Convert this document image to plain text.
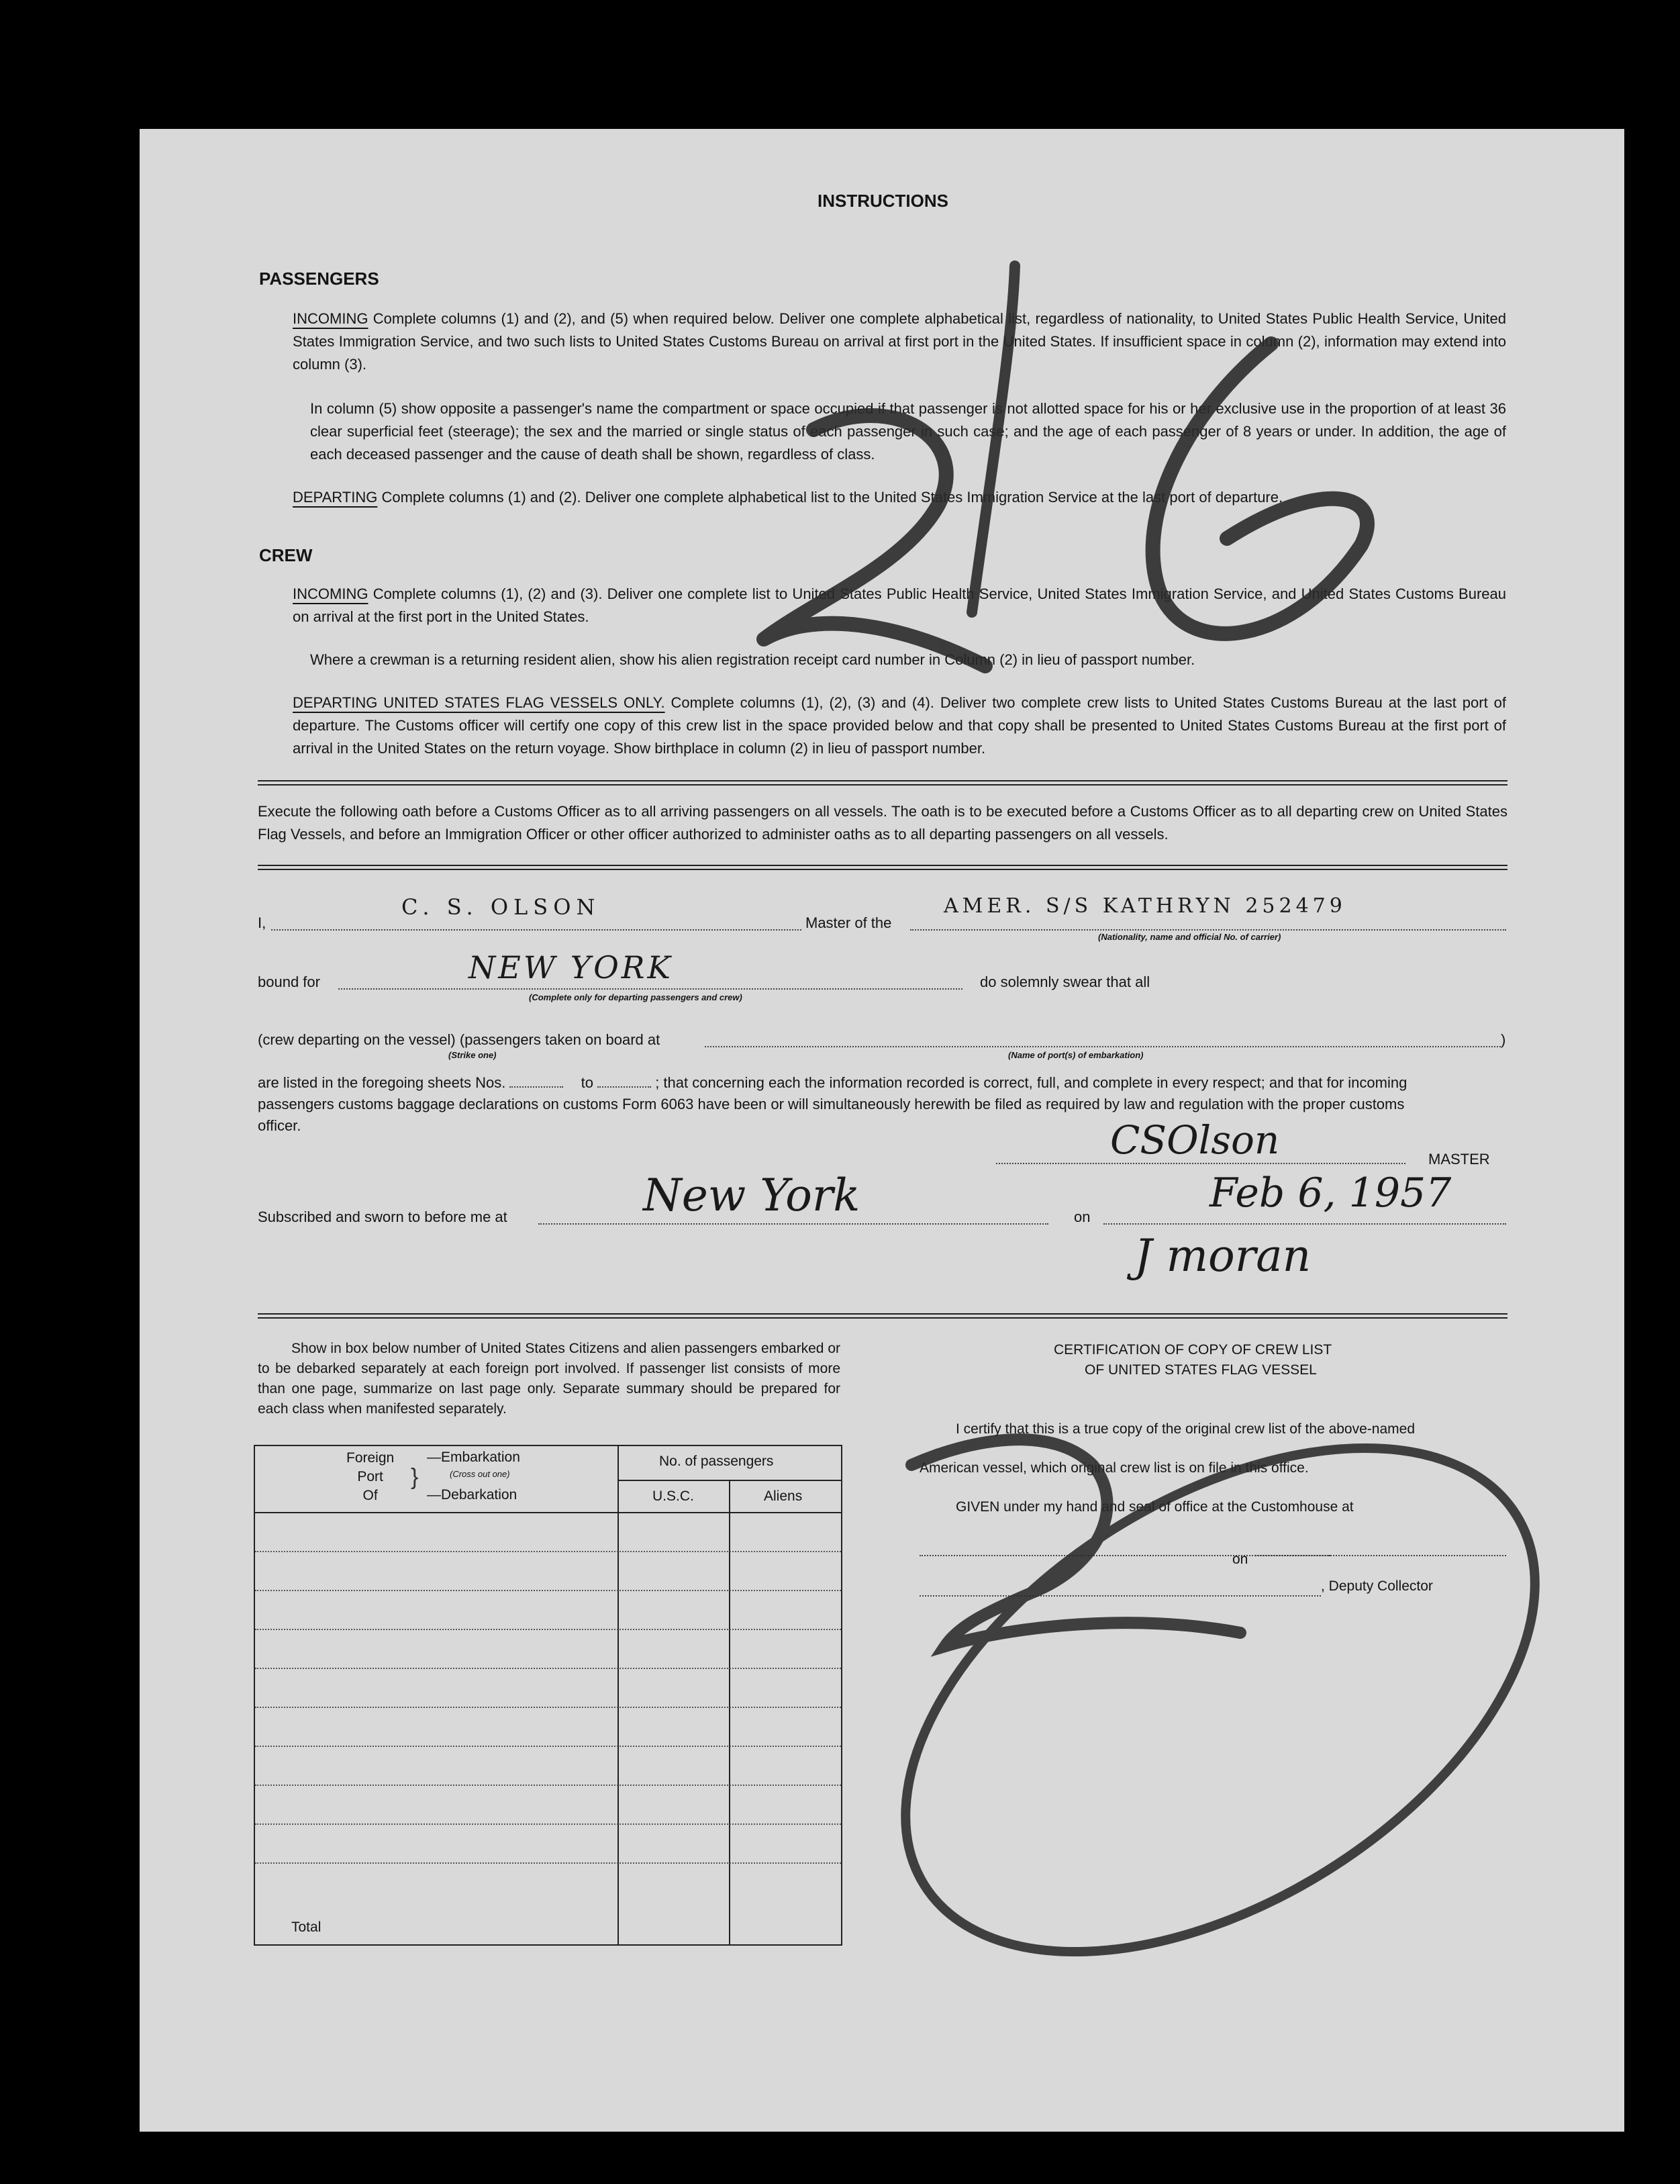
INSTRUCTIONS
PASSENGERS
INCOMING Complete columns (1) and (2), and (5) when required below. Deliver one complete alphabetical list, regardless of nationality, to United States Public Health Service, United States Immigration Service, and two such lists to United States Customs Bureau on arrival at first port in the United States. If insufficient space in column (2), information may extend into column (3).
In column (5) show opposite a passenger's name the compartment or space occupied if that passenger is not allotted space for his or her exclusive use in the proportion of at least 36 clear superficial feet (steerage); the sex and the married or single status of each passenger in such case; and the age of each passenger of 8 years or under. In addition, the age of each deceased passenger and the cause of death shall be shown, regardless of class.
DEPARTING Complete columns (1) and (2). Deliver one complete alphabetical list to the United States Immigration Service at the last port of departure.
CREW
INCOMING Complete columns (1), (2) and (3). Deliver one complete list to United States Public Health Service, United States Immigration Service, and United States Customs Bureau on arrival at the first port in the United States.
Where a crewman is a returning resident alien, show his alien registration receipt card number in Column (2) in lieu of passport number.
DEPARTING UNITED STATES FLAG VESSELS ONLY. Complete columns (1), (2), (3) and (4). Deliver two complete crew lists to United States Customs Bureau at the last port of departure. The Customs officer will certify one copy of this crew list in the space provided below and that copy shall be presented to United States Customs Bureau at the first port of arrival in the United States on the return voyage. Show birthplace in column (2) in lieu of passport number.
Execute the following oath before a Customs Officer as to all arriving passengers on all vessels. The oath is to be executed before a Customs Officer as to all departing crew on United States Flag Vessels, and before an Immigration Officer or other officer authorized to administer oaths as to all departing passengers on all vessels.
I,
C. S. OLSON
Master of the
AMER. S/S KATHRYN 252479
(Nationality, name and official No. of carrier)
bound for	NEW YORK
(Complete only for departing passengers and crew)
do solemnly swear that all
(crew departing on the vessel) (passengers taken on board at
(Strike one)	(Name of port(s) of embarkation)
)
are listed in the foregoing sheets Nos.	to	; that concerning each the information recorded is correct, full, and complete in every respect; and that for incoming
passengers customs baggage declarations on customs Form 6063 have been or will simultaneously herewith be filed as required by law and regulation with the proper customs
officer.	CSOlson	MASTER
Subscribed and sworn to before me at	New York	on
Feb 6, 1957
J moran
Show in box below number of United States Citizens and alien passengers embarked or to be debarked separately at each foreign port involved. If passenger list consists of more than one page, summarize on last page only. Separate summary should be prepared for each class when manifested separately.
Foreign
Port
Of
}
—Embarkation
(Cross out one)
—Debarkation
No. of passengers
U.S.C.	Aliens
Total
CERTIFICATION OF COPY OF CREW LIST
OF UNITED STATES FLAG VESSEL
I certify that this is a true copy of the original crew list of the above-named
American vessel, which original crew list is on file in this office.
GIVEN under my hand and seal of office at the Customhouse at
on
, Deputy Collector
